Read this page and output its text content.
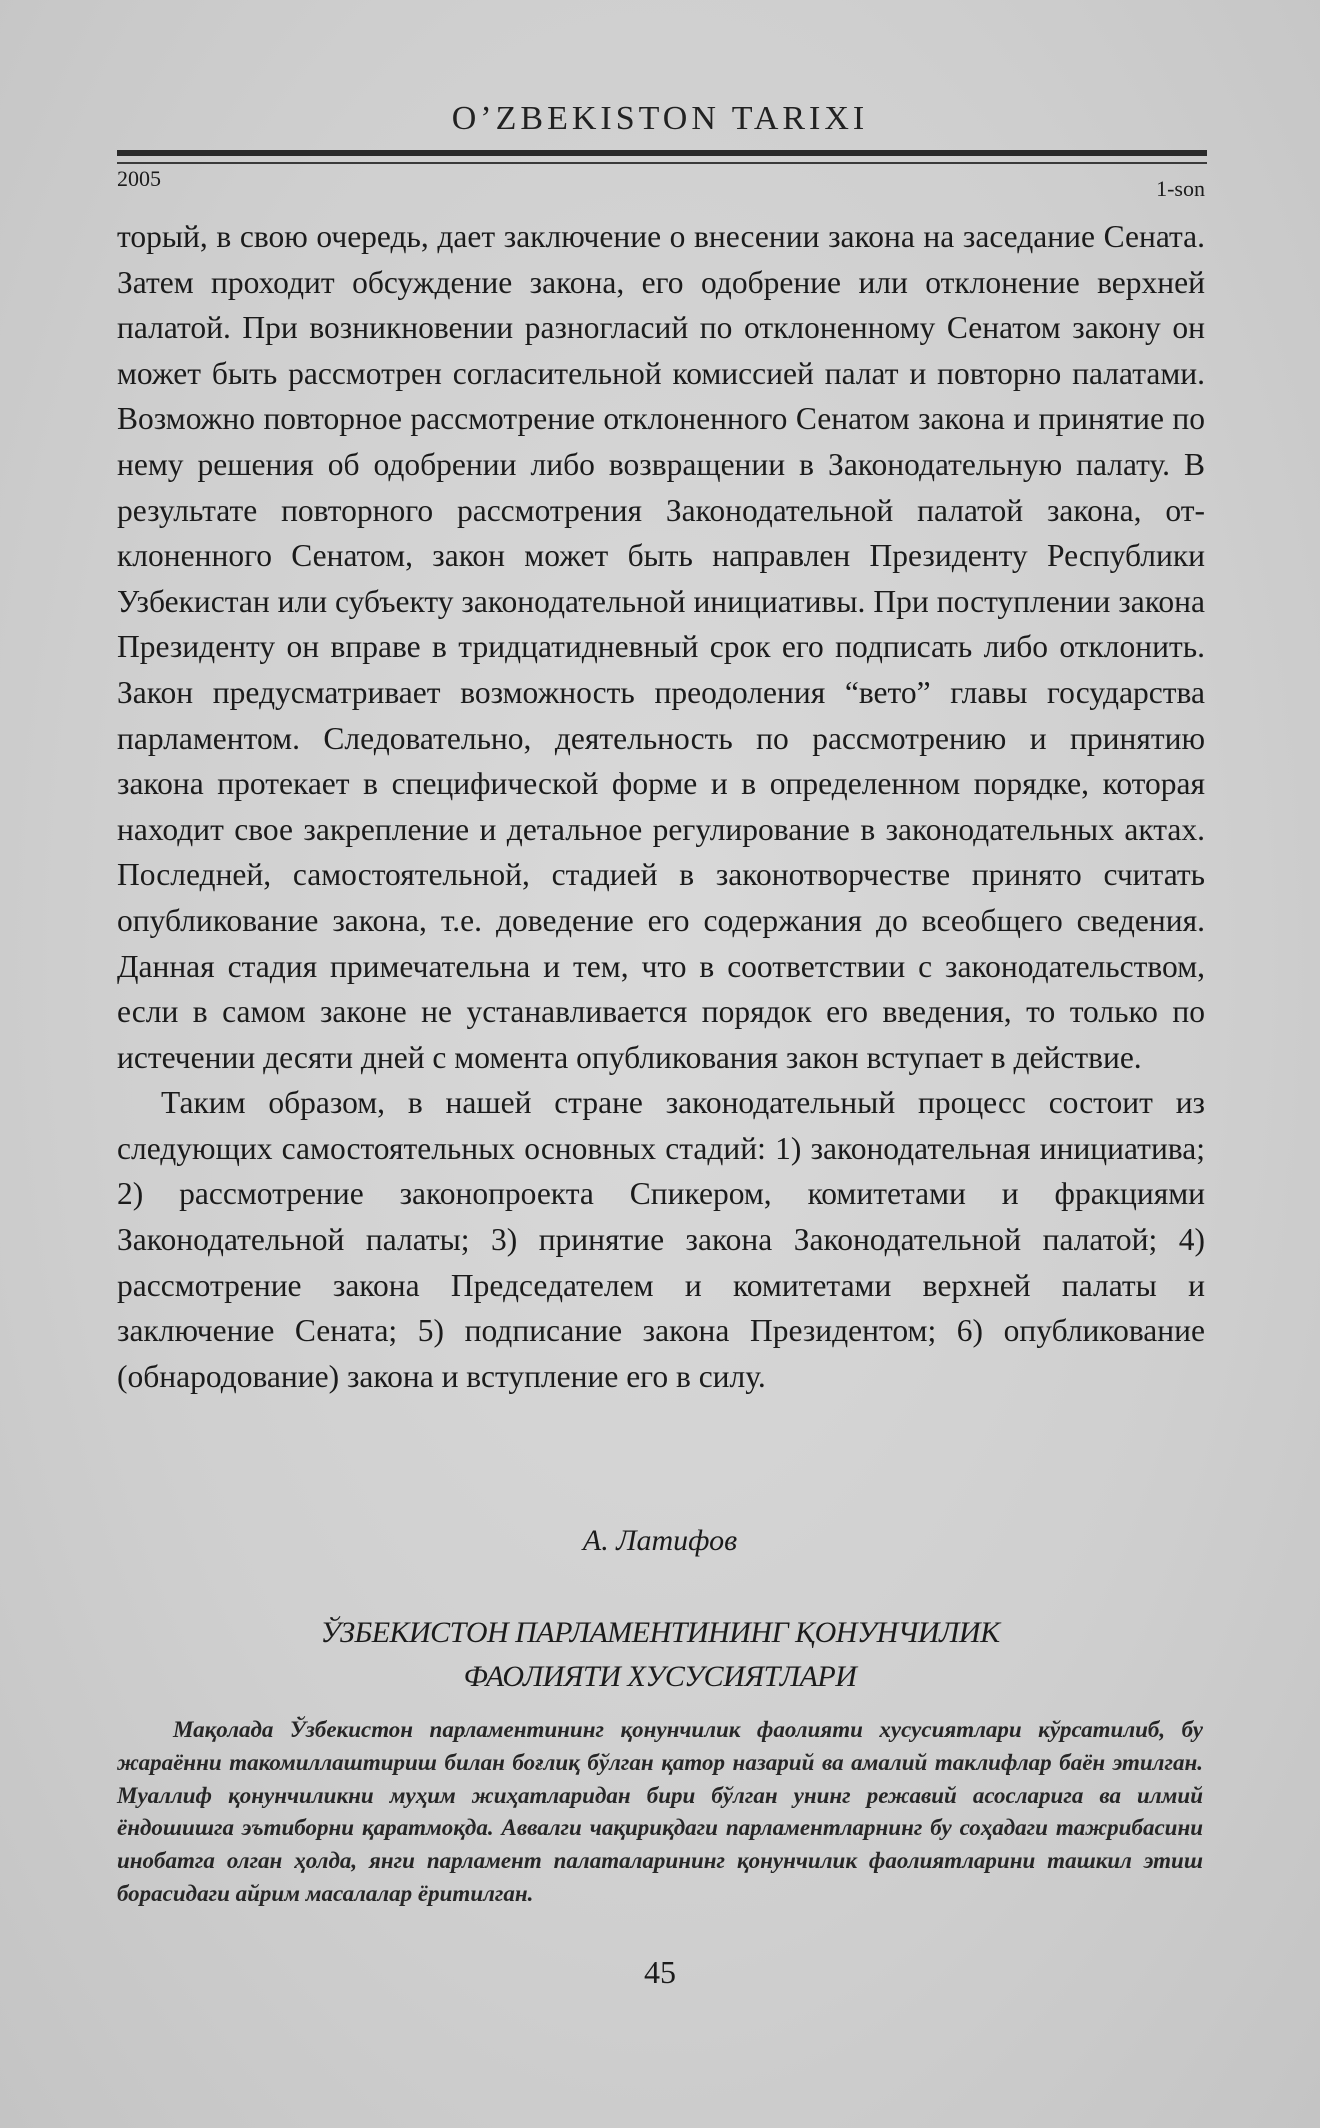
O’ZBEKISTON TARIXI
2005	1-son

торый, в свою очередь, дает заключение о внесении закона на заседание Сената. Затем проходит обсуждение закона, его одобрение или отклонение верхней палатой. При возникновении разногласий по отклоненному Сенатом закону он может быть рассмотрен согласительной комиссией палат и повторно палатами. Возможно повторное рассмотрение отклоненного Сенатом закона и принятие по нему решения об одобрении либо возвращении в Законодательную палату. В результате повторного рассмотрения Законодательной палатой закона, отклоненного Сенатом, закон может быть направлен Президенту Республики Узбекистан или субъекту законодательной инициативы. При поступлении закона Президенту он вправе в тридцатидневный срок его подписать либо отклонить. Закон предусматривает возможность преодоления “вето” главы государства парламентом. Следовательно, деятельность по рассмотрению и принятию закона протекает в специфической форме и в определенном порядке, которая находит свое закрепление и детальное регулирование в законодательных актах. Последней, самостоятельной, стадией в законотворчестве принято считать опубликование закона, т.е. доведение его содержания до всеобщего сведения. Данная стадия примечательна и тем, что в соответствии с законодательством, если в самом законе не устанавливается порядок его введения, то только по истечении десяти дней с момента опубликования закон вступает в действие.

Таким образом, в нашей стране законодательный процесс состоит из следующих самостоятельных основных стадий: 1) законодательная инициатива; 2) рассмотрение законопроекта Спикером, комитетами и фракциями Законодательной палаты; 3) принятие закона Законодательной палатой; 4) рассмотрение закона Председателем и комитетами верхней палаты и заключение Сената; 5) подписание закона Президентом; 6) опубликование (обнародование) закона и вступление его в силу.

А. Латифов
ЎЗБЕКИСТОН ПАРЛАМЕНТИНИНГ ҚОНУНЧИЛИК
ФАОЛИЯТИ ХУСУСИЯТЛАРИ

Мақолада Ўзбекистон парламентининг қонунчилик фаолияти хусусиятлари кўрсатилиб, бу жараённи такомиллаштириш билан боғлиқ бўлган қатор назарий ва амалий таклифлар баён этилган. Муаллиф қонунчиликни муҳим жиҳатларидан бири бўлган унинг режавий асосларига ва илмий ёндошишга эътиборни қаратмоқда. Аввалги чақириқдаги парламентларнинг бу соҳадаги тажрибасини инобатга олган ҳолда, янги парламент палаталарининг қонунчилик фаолиятларини ташкил этиш борасидаги айрим масалалар ёритилган.

45
